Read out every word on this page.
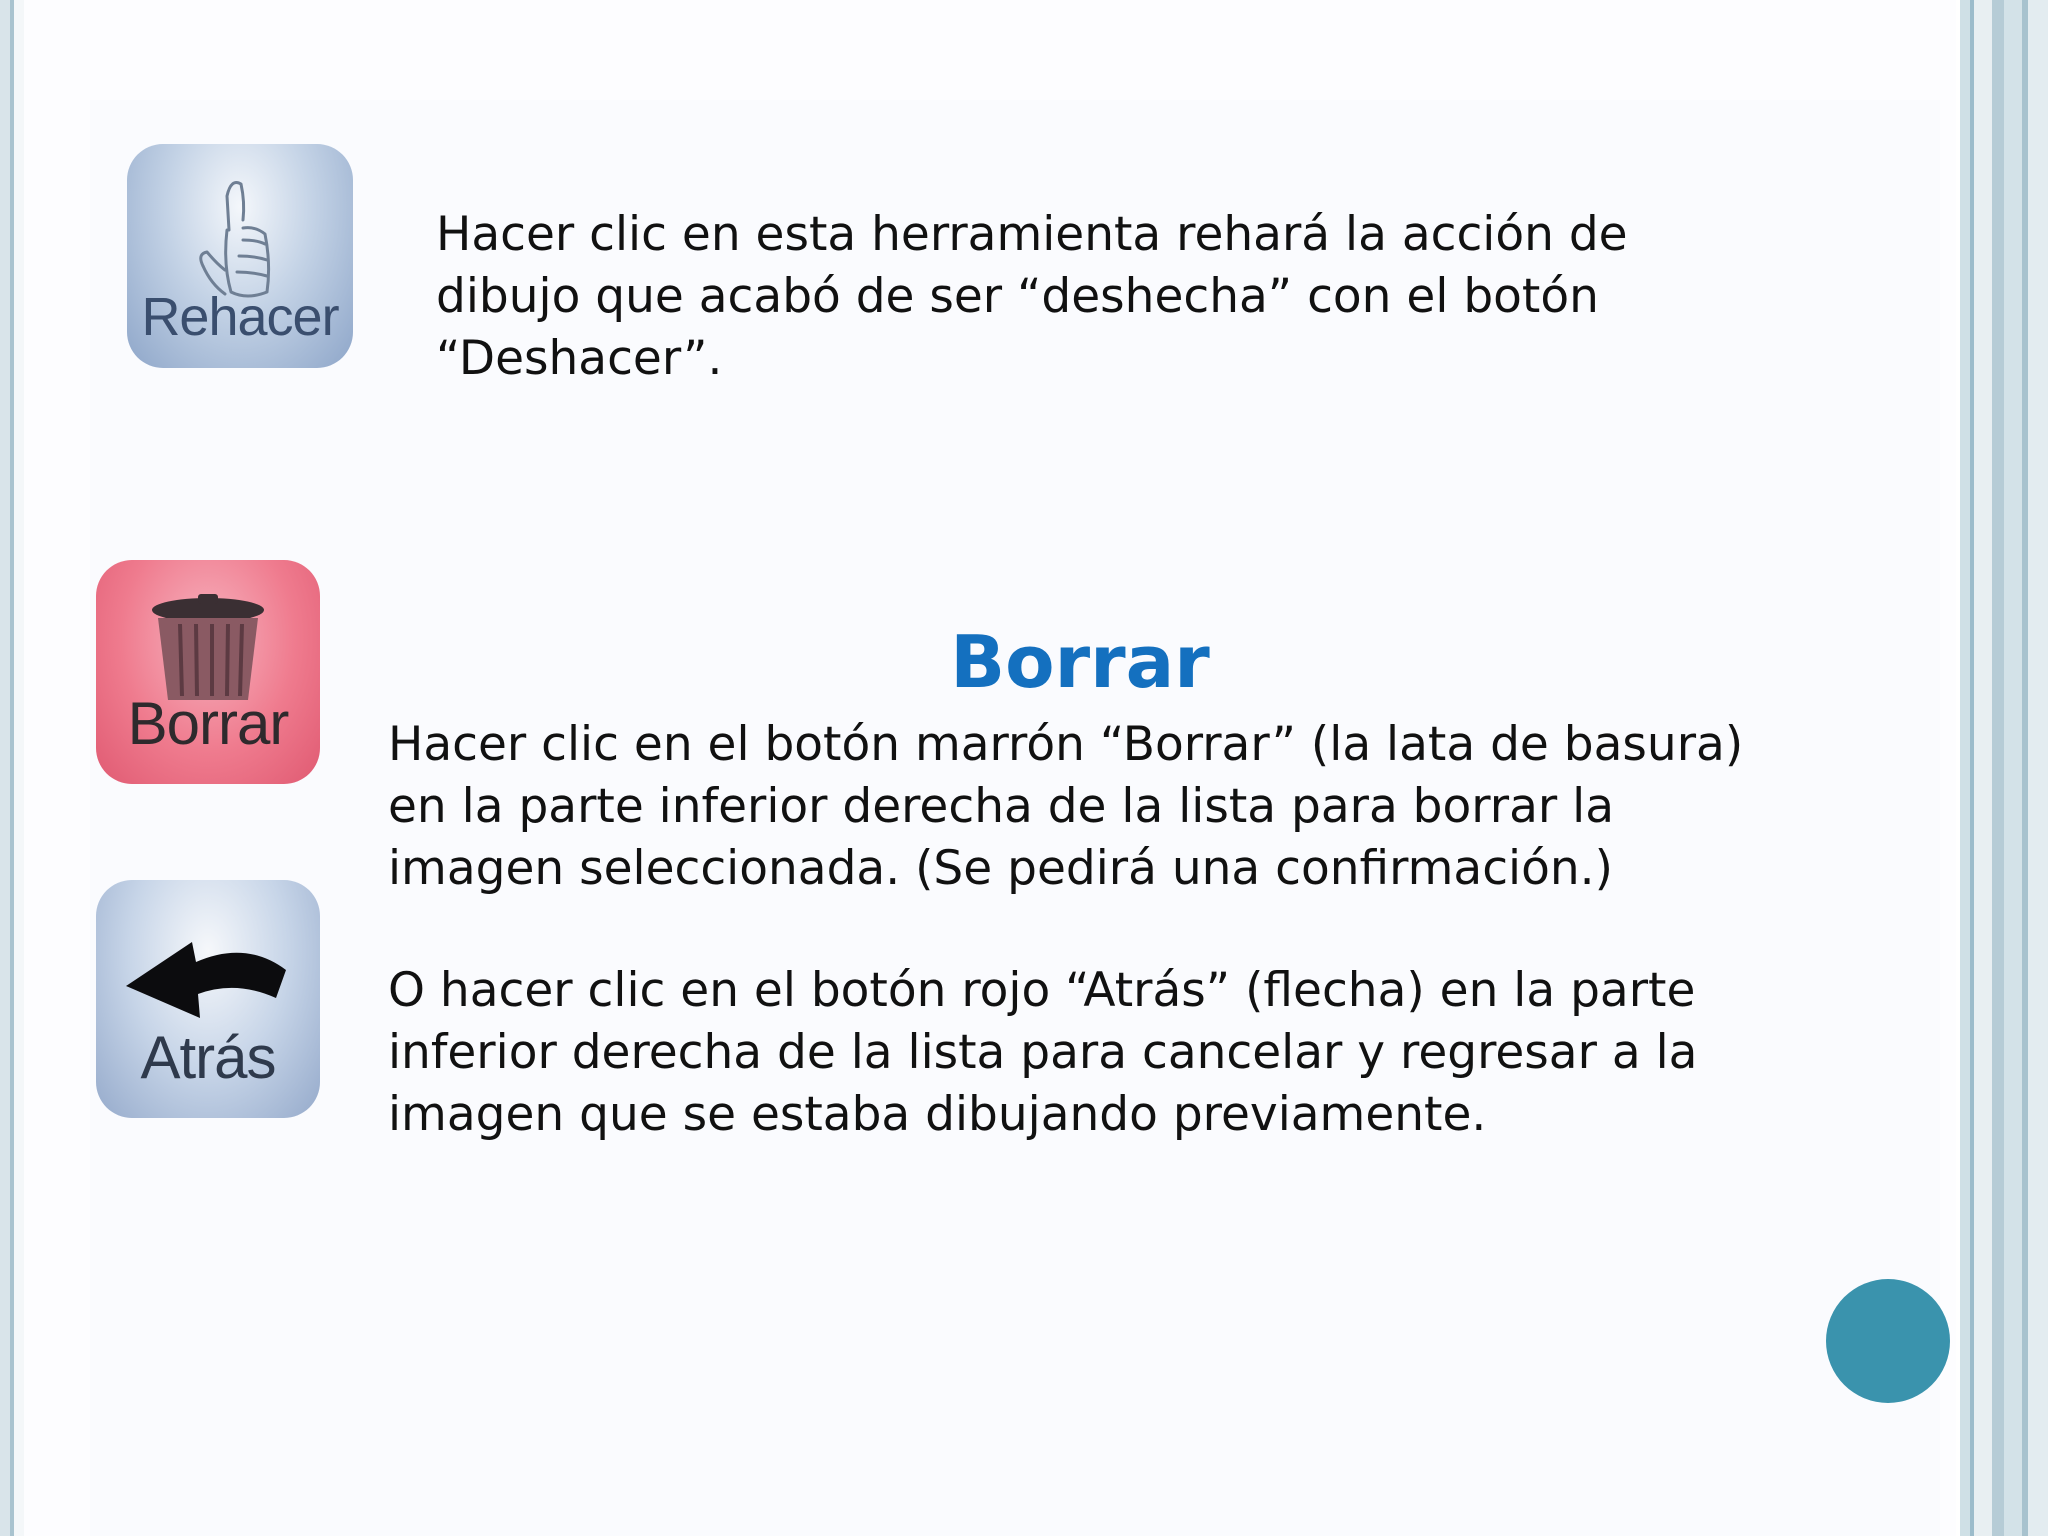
Rehacer

Hacer clic en esta herramienta rehará la acción de
dibujo que acabó de ser “deshecha” con el botón
“Deshacer”.

Borrar
Borrar

Hacer clic en el botón marrón “Borrar” (la lata de basura)
en la parte inferior derecha de la lista para borrar la
imagen seleccionada. (Se pedirá una confirmación.)

Atrás

O hacer clic en el botón rojo “Atrás” (flecha) en la parte
inferior derecha de la lista para cancelar y regresar a la
imagen que se estaba dibujando previamente.
